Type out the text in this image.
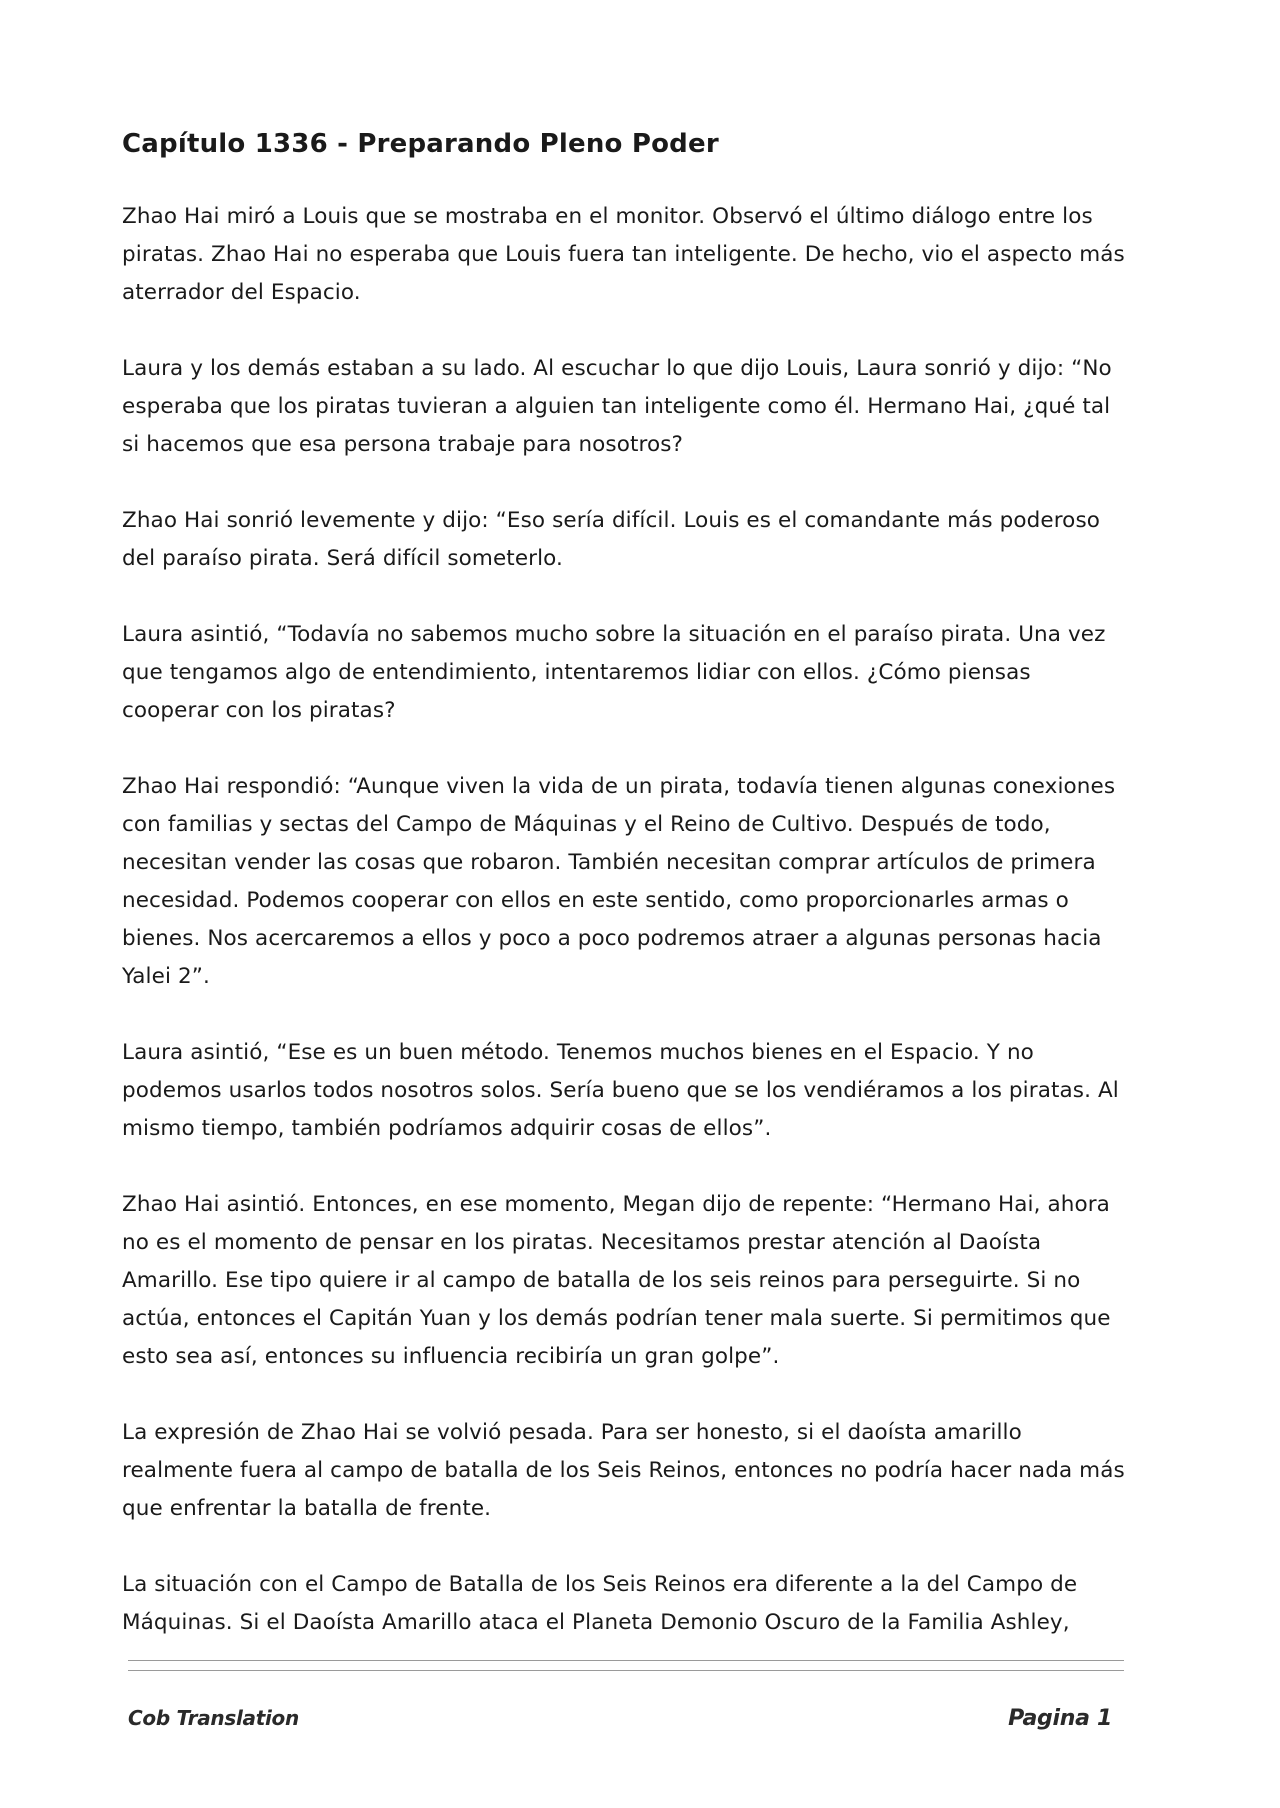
Capítulo 1336 - Preparando Pleno Poder

Zhao Hai miró a Louis que se mostraba en el monitor. Observó el último diálogo entre los piratas. Zhao Hai no esperaba que Louis fuera tan inteligente. De hecho, vio el aspecto más aterrador del Espacio.

Laura y los demás estaban a su lado. Al escuchar lo que dijo Louis, Laura sonrió y dijo: “No esperaba que los piratas tuvieran a alguien tan inteligente como él. Hermano Hai, ¿qué tal si hacemos que esa persona trabaje para nosotros?

Zhao Hai sonrió levemente y dijo: “Eso sería difícil. Louis es el comandante más poderoso del paraíso pirata. Será difícil someterlo.

Laura asintió, “Todavía no sabemos mucho sobre la situación en el paraíso pirata. Una vez que tengamos algo de entendimiento, intentaremos lidiar con ellos. ¿Cómo piensas cooperar con los piratas?

Zhao Hai respondió: “Aunque viven la vida de un pirata, todavía tienen algunas conexiones con familias y sectas del Campo de Máquinas y el Reino de Cultivo. Después de todo, necesitan vender las cosas que robaron. También necesitan comprar artículos de primera necesidad. Podemos cooperar con ellos en este sentido, como proporcionarles armas o bienes. Nos acercaremos a ellos y poco a poco podremos atraer a algunas personas hacia Yalei 2”.

Laura asintió, “Ese es un buen método. Tenemos muchos bienes en el Espacio. Y no podemos usarlos todos nosotros solos. Sería bueno que se los vendiéramos a los piratas. Al mismo tiempo, también podríamos adquirir cosas de ellos”.

Zhao Hai asintió. Entonces, en ese momento, Megan dijo de repente: “Hermano Hai, ahora no es el momento de pensar en los piratas. Necesitamos prestar atención al Daoísta Amarillo. Ese tipo quiere ir al campo de batalla de los seis reinos para perseguirte. Si no actúa, entonces el Capitán Yuan y los demás podrían tener mala suerte. Si permitimos que esto sea así, entonces su influencia recibiría un gran golpe”.

La expresión de Zhao Hai se volvió pesada. Para ser honesto, si el daoísta amarillo realmente fuera al campo de batalla de los Seis Reinos, entonces no podría hacer nada más que enfrentar la batalla de frente.

La situación con el Campo de Batalla de los Seis Reinos era diferente a la del Campo de Máquinas. Si el Daoísta Amarillo ataca el Planeta Demonio Oscuro de la Familia Ashley,

Cob Translation	Pagina 1
